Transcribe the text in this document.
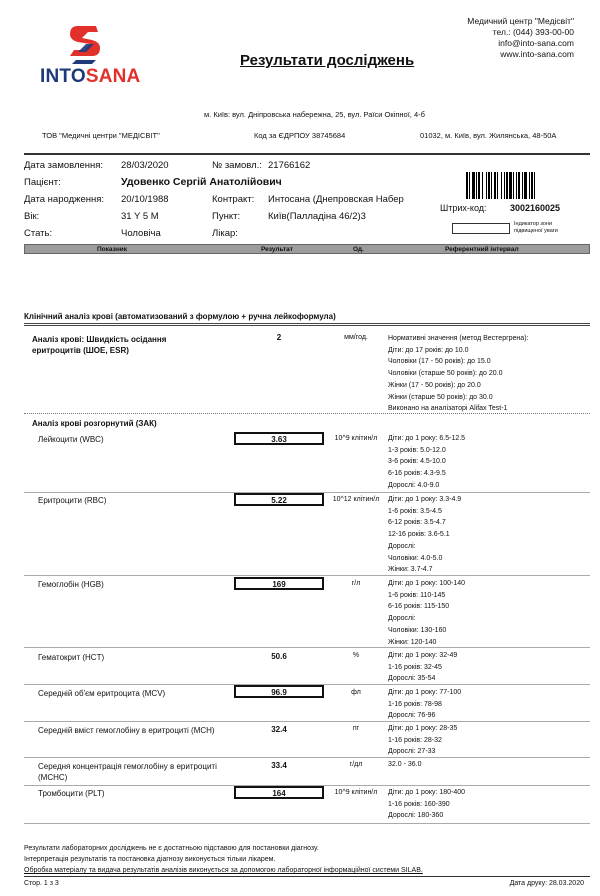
INTOSANA
Результати досліджень
Медичний центр "Медісвіт"
тел.: (044) 393-00-00
info@into-sana.com
www.into-sana.com
м. Київ: вул. Дніпровська набережна, 25, вул. Раїси Окіпної, 4-б
ТОВ "Медичні центри "МЕДІСВІТ"	Код за ЄДРПОУ 38745684	01032, м. Київ, вул. Жилянська, 48-50А
Дата замовлення: 28/03/2020	№ замовл.: 21766162
Пацієнт:	Удовенко Сергій Анатолійович
Дата народження: 20/10/1988	Контракт: Интосана (Днепровская Набер
Вік:	31 Y 5 M	Пункт:	Київ(Палладіна 46/2)3
Стать:	Чоловіча	Лікар:
Штрих-код:	3002160025
Індикатор зони підвищеної уваги
Показник	Результат	Од.	Референтний інтервал
Клінічний аналіз крові (автоматизований з формулою + ручна лейкоформула)
Аналіз крові: Швидкість осідання еритроцитів (ШОЕ, ESR)
2	мм/год.	Нормативні значення (метод Вестергрена):
Діти: до 17 років: до 10.0
Чоловіки (17 - 50 років): до 15.0
Чоловіки (старше 50 років): до 20.0
Жінки (17 - 50 років): до 20.0
Жінки (старше 50 років): до 30.0
Виконано на аналізаторі Alifax Test-1
Аналіз крові розгорнутий (ЗАК)
Лейкоцити (WBC)	3.63	10^9 клітин/л	Діти: до 1 року: 6.5-12.5
1-3 років: 5.0-12.0
3-6 років: 4.5-10.0
6-16 років: 4.3-9.5
Дорослі: 4.0-9.0
Еритроцити (RBC)	5.22	10^12 клітин/л	Діти: до 1 року: 3.3-4.9
1-6 років: 3.5-4.5
6-12 років: 3.5-4.7
12-16 років: 3.6-5.1
Дорослі:
Чоловіки: 4.0-5.0
Жінки: 3.7-4.7
Гемоглобін (HGB)	169	г/л	Діти: до 1 року: 100-140
1-6 років: 110-145
6-16 років: 115-150
Дорослі:
Чоловіки: 130-160
Жінки: 120-140
Гематокрит (HCT)	50.6	%	Діти: до 1 року: 32-49
1-16 років: 32-45
Дорослі: 35-54
Середній об'єм еритроцита (MCV)	96.9	фл	Діти: до 1 року: 77-100
1-16 років: 78-98
Дорослі: 76-96
Середній вміст гемоглобіну в еритроциті (MCH)	32.4	пг	Діти: до 1 року: 28-35
1-16 років: 28-32
Дорослі: 27-33
Середня концентрація гемоглобіну в еритроциті (MCHC)
33.4	г/дл	32.0 - 36.0
Тромбоцити (PLT)	164	10^9 клітин/л	Діти: до 1 року: 180-400
1-16 років: 160-390
Дорослі: 180-360
Результати лабораторних досліджень не є достатньою підставою для постановки діагнозу.
Інтерпретація результатів та постановка діагнозу виконується тільки лікарем.
Обробка матеріалу та видача результатів аналізів виконується за допомогою лабораторної інформаційної системи SILAB.
Стор. 1 з 3	Дата друку: 28.03.2020
